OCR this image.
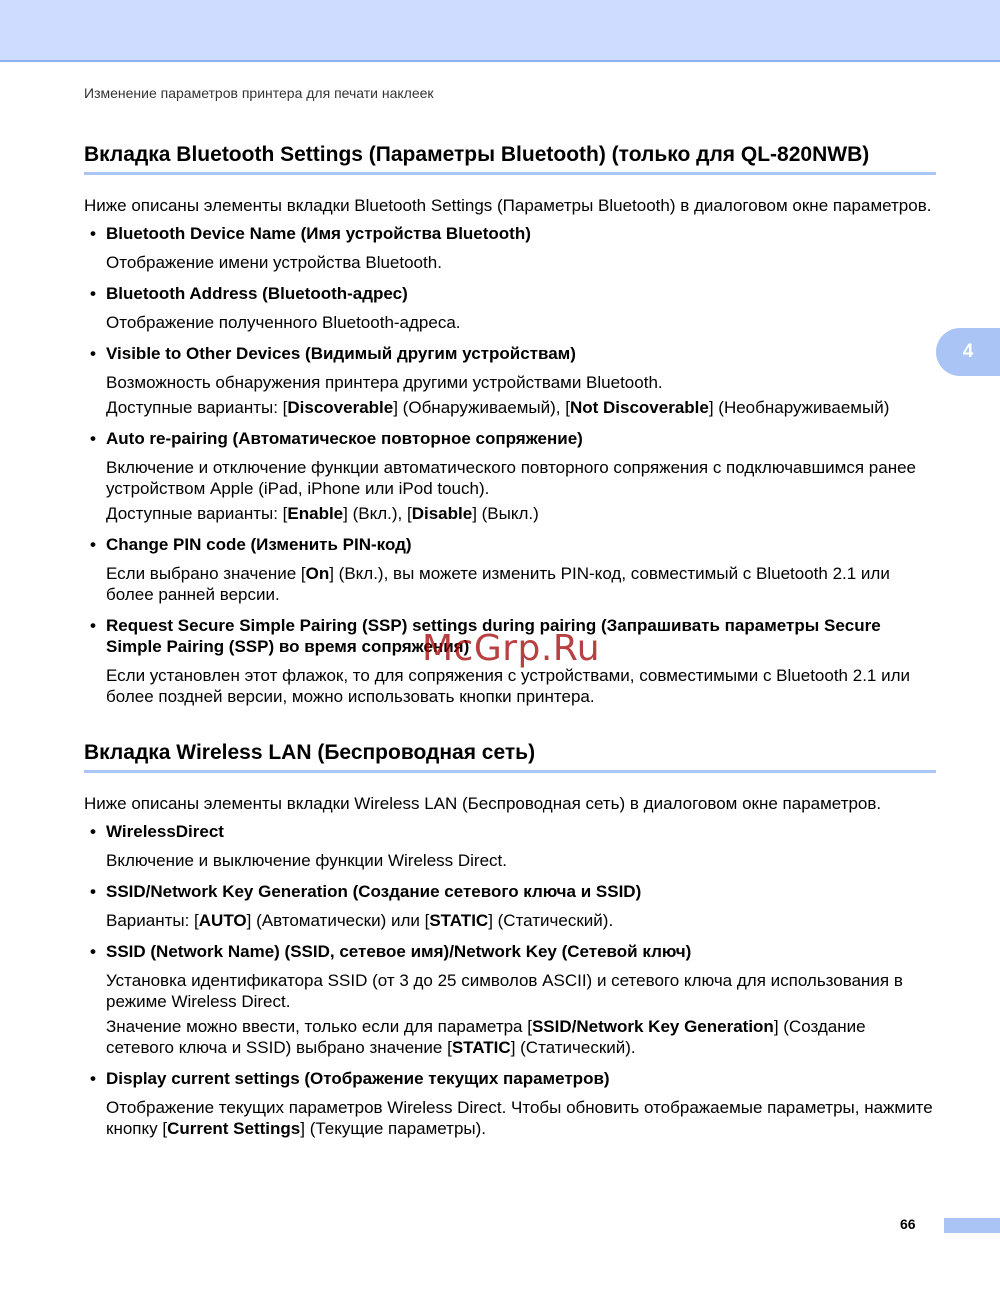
Изменение параметров принтера для печати наклеек
4
Вкладка Bluetooth Settings (Параметры Bluetooth) (только для QL-820NWB)

Ниже описаны элементы вкладки Bluetooth Settings (Параметры Bluetooth) в диалоговом окне параметров.

• Bluetooth Device Name (Имя устройства Bluetooth)
Отображение имени устройства Bluetooth.
• Bluetooth Address (Bluetooth-адрес)
Отображение полученного Bluetooth-адреса.
• Visible to Other Devices (Видимый другим устройствам)
Возможность обнаружения принтера другими устройствами Bluetooth.
Доступные варианты: [Discoverable] (Обнаруживаемый), [Not Discoverable] (Необнаруживаемый)
• Auto re-pairing (Автоматическое повторное сопряжение)
Включение и отключение функции автоматического повторного сопряжения с подключавшимся ранее устройством Apple (iPad, iPhone или iPod touch).
Доступные варианты: [Enable] (Вкл.), [Disable] (Выкл.)
• Change PIN code (Изменить PIN-код)
Если выбрано значение [On] (Вкл.), вы можете изменить PIN-код, совместимый с Bluetooth 2.1 или более ранней версии.
• Request Secure Simple Pairing (SSP) settings during pairing (Запрашивать параметры Secure Simple Pairing (SSP) во время сопряжения)
Если установлен этот флажок, то для сопряжения с устройствами, совместимыми с Bluetooth 2.1 или более поздней версии, можно использовать кнопки принтера.
Вкладка Wireless LAN (Беспроводная сеть)

Ниже описаны элементы вкладки Wireless LAN (Беспроводная сеть) в диалоговом окне параметров.

• WirelessDirect
Включение и выключение функции Wireless Direct.
• SSID/Network Key Generation (Создание сетевого ключа и SSID)
Варианты: [AUTO] (Автоматически) или [STATIC] (Статический).
• SSID (Network Name) (SSID, сетевое имя)/Network Key (Сетевой ключ)
Установка идентификатора SSID (от 3 до 25 символов ASCII) и сетевого ключа для использования в режиме Wireless Direct.
Значение можно ввести, только если для параметра [SSID/Network Key Generation] (Создание сетевого ключа и SSID) выбрано значение [STATIC] (Статический).
• Display current settings (Отображение текущих параметров)
Отображение текущих параметров Wireless Direct. Чтобы обновить отображаемые параметры, нажмите кнопку [Current Settings] (Текущие параметры).
McGrp.Ru
66
